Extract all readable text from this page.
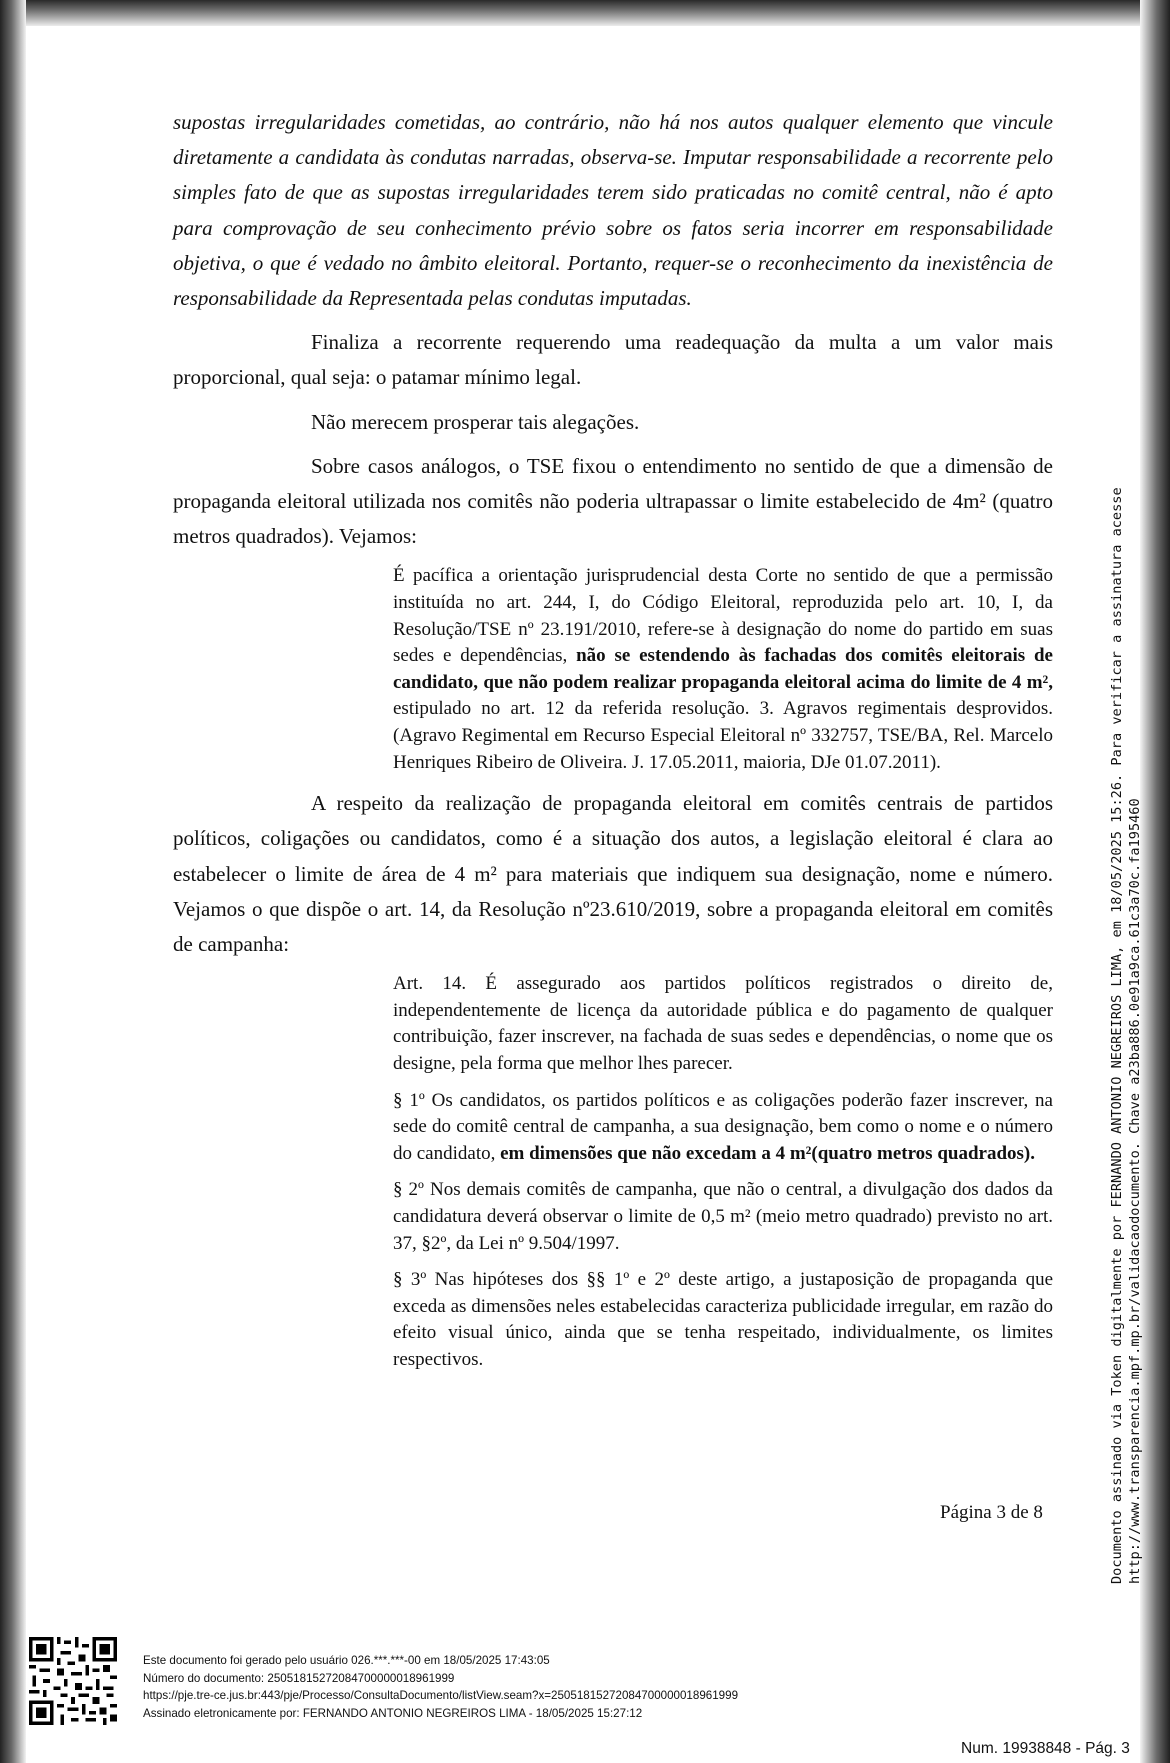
supostas irregularidades cometidas, ao contrário, não há nos autos qualquer elemento que vincule diretamente a candidata às condutas narradas, observa-se. Imputar responsabilidade a recorrente pelo simples fato de que as supostas irregularidades terem sido praticadas no comitê central, não é apto para comprovação de seu conhecimento prévio sobre os fatos seria incorrer em responsabilidade objetiva, o que é vedado no âmbito eleitoral. Portanto, requer-se o reconhecimento da inexistência de responsabilidade da Representada pelas condutas imputadas.

Finaliza a recorrente requerendo uma readequação da multa a um valor mais proporcional, qual seja: o patamar mínimo legal.

Não merecem prosperar tais alegações.

Sobre casos análogos, o TSE fixou o entendimento no sentido de que a dimensão de propaganda eleitoral utilizada nos comitês não poderia ultrapassar o limite estabelecido de 4m² (quatro metros quadrados). Vejamos:

É pacífica a orientação jurisprudencial desta Corte no sentido de que a permissão instituída no art. 244, I, do Código Eleitoral, reproduzida pelo art. 10, I, da Resolução/TSE nº 23.191/2010, refere-se à designação do nome do partido em suas sedes e dependências, não se estendendo às fachadas dos comitês eleitorais de candidato, que não podem realizar propaganda eleitoral acima do limite de 4 m², estipulado no art. 12 da referida resolução. 3. Agravos regimentais desprovidos. (Agravo Regimental em Recurso Especial Eleitoral nº 332757, TSE/BA, Rel. Marcelo Henriques Ribeiro de Oliveira. J. 17.05.2011, maioria, DJe 01.07.2011).

A respeito da realização de propaganda eleitoral em comitês centrais de partidos políticos, coligações ou candidatos, como é a situação dos autos, a legislação eleitoral é clara ao estabelecer o limite de área de 4 m² para materiais que indiquem sua designação, nome e número. Vejamos o que dispõe o art. 14, da Resolução nº23.610/2019, sobre a propaganda eleitoral em comitês de campanha:

Art. 14. É assegurado aos partidos políticos registrados o direito de, independentemente de licença da autoridade pública e do pagamento de qualquer contribuição, fazer inscrever, na fachada de suas sedes e dependências, o nome que os designe, pela forma que melhor lhes parecer.

§ 1º Os candidatos, os partidos políticos e as coligações poderão fazer inscrever, na sede do comitê central de campanha, a sua designação, bem como o nome e o número do candidato, em dimensões que não excedam a 4 m²(quatro metros quadrados).

§ 2º Nos demais comitês de campanha, que não o central, a divulgação dos dados da candidatura deverá observar o limite de 0,5 m² (meio metro quadrado) previsto no art. 37, §2º, da Lei nº 9.504/1997.

§ 3º Nas hipóteses dos §§ 1º e 2º deste artigo, a justaposição de propaganda que exceda as dimensões neles estabelecidas caracteriza publicidade irregular, em razão do efeito visual único, ainda que se tenha respeitado, individualmente, os limites respectivos.

Página 3 de 8	Documento assinado via Token digitalmente por FERNANDO ANTONIO NEGREIROS LIMA, em 18/05/2025 15:26. Para verificar a assinatura acesse http://www.transparencia.mpf.mp.br/validacaodocumento. Chave a23ba886.0e91a9ca.61c3a70c.fa195460
Este documento foi gerado pelo usuário 026.***.***-00 em 18/05/2025 17:43:05
Número do documento: 25051815272084700000018961999
https://pje.tre-ce.jus.br:443/pje/Processo/ConsultaDocumento/listView.seam?x=25051815272084700000018961999
Assinado eletronicamente por: FERNANDO ANTONIO NEGREIROS LIMA - 18/05/2025 15:27:12
Num. 19938848 - Pág. 3
